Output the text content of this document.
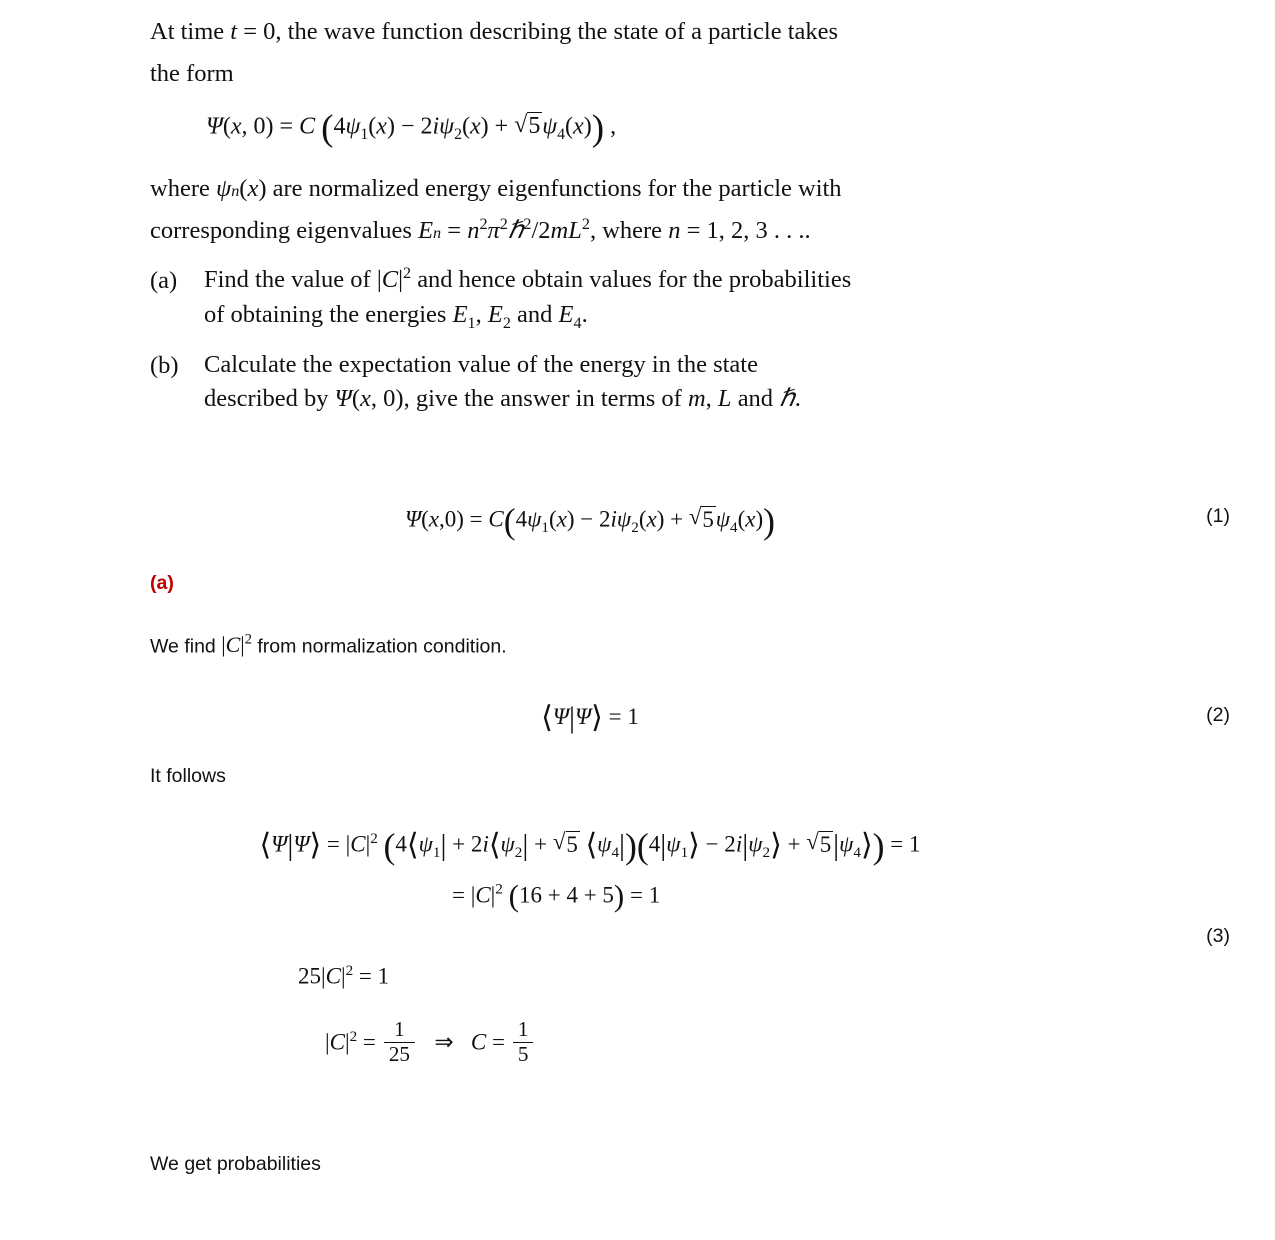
At time t = 0, the wave function describing the state of a particle takes

the form

Ψ(x, 0) = C ($4\psi_1(x) - 2i\psi_2(x)$ + √ $5\psi_4(x)$) ,

where ψn(x) are normalized energy eigenfunctions for the particle with

corresponding eigenvalues $En = n^2\pi^2\hbar^2/2mL^2$, where n = 1, 2, 3 . . ..

(a)	Find the value of $|C|^2$ and hence obtain values for the probabilities
of obtaining the energies $E_1$, $E_2$ and $E_4$.
(b)	Calculate the expectation value of the energy in the state
described by Ψ(x, 0), give the answer in terms of m, L and ℏ.
$\Psi(x,0) = C(4\psi_1(x) - 2i\psi_2(x)$ + √ $5\psi_4(x)$)	(1)
(a)
We find $|C|^2$ from normalization condition.
⟨Ψ|Ψ⟩ = 1	(2)
It follows
⟨Ψ|Ψ⟩ = $|C|^2$ ($4⟨\psi_1|$ + $2i⟨\psi_2|$ + √ 5 $⟨\psi_4|)(4|\psi_1⟩$ − $2i|\psi_2⟩$ + √ $5|\psi_4⟩) = 1$
= $|C|^2$ (16 + 4 + 5) = 1
(3)
$25|C|^2 = 1$
$|C|^2 = \frac{1}{25}$ ⇒   $C = \frac{1}{5}$
We get probabilities
